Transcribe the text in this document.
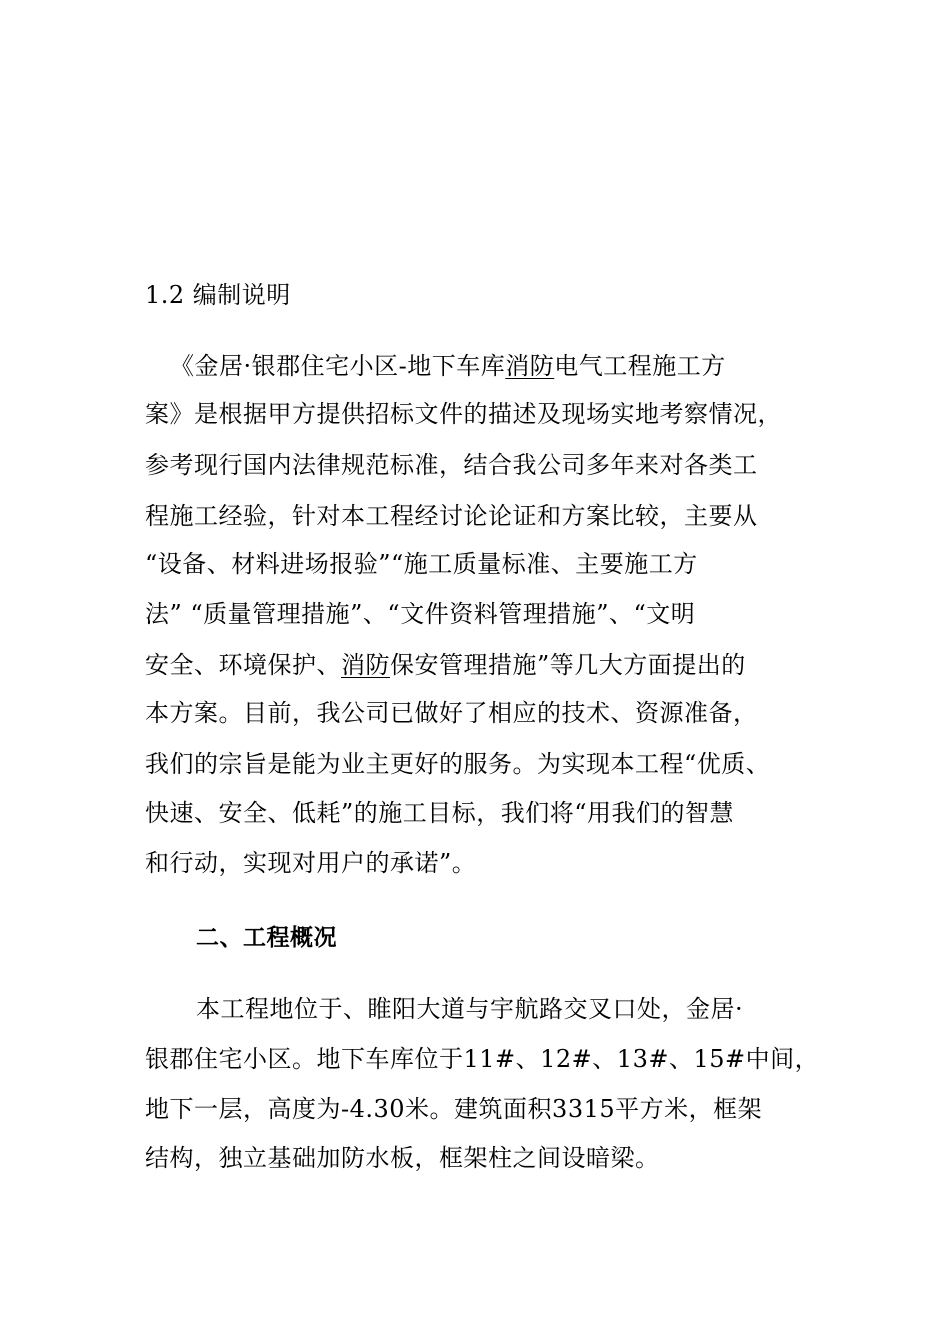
1.2 编制说明
《金居·银郡住宅小区-地下车库消防电气工程施工方
案》是根据甲方提供招标文件的描述及现场实地考察情况，
参考现行国内法律规范标准，结合我公司多年来对各类工
程施工经验，针对本工程经讨论论证和方案比较，主要从
“设备、材料进场报验”“施工质量标准、主要施工方
法” “质量管理措施”、“文件资料管理措施”、“文明
安全、环境保护、消防保安管理措施”等几大方面提出的
本方案。目前，我公司已做好了相应的技术、资源准备，
我们的宗旨是能为业主更好的服务。为实现本工程“优质、
快速、安全、低耗”的施工目标，我们将“用我们的智慧
和行动，实现对用户的承诺”。
二、工程概况
本工程地位于、睢阳大道与宇航路交叉口处，金居·
银郡住宅小区。地下车库位于11#、12#、13#、15#中间，
地下一层，高度为-4.30米。建筑面积3315平方米，框架
结构，独立基础加防水板，框架柱之间设暗梁。
